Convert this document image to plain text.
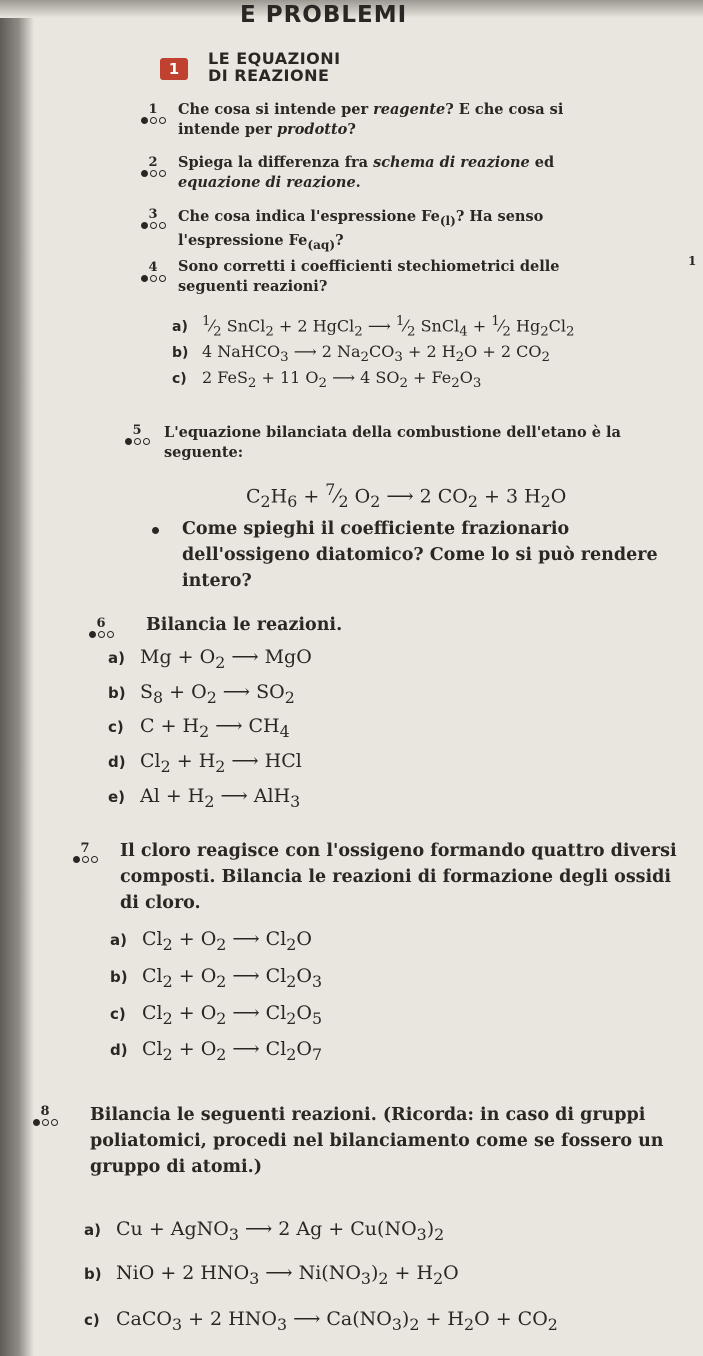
E PROBLEMI
1
LE EQUAZIONI
DI REAZIONE
1
1	Che cosa si intende per reagente? E che cosa si intende per prodotto?

2	Spiega la differenza fra schema di reazione ed equazione di reazione.

3	Che cosa indica l'espressione $Fe_{(l)}$? Ha senso l'espressione $Fe_{(aq)}$?

4	Sono corretti i coefficienti stechiometrici delle seguenti reazioni?

a)	$^1⁄_2$ SnCl$_2$ + 2 HgCl$_2$ ⟶ $^1⁄_2$ SnCl$_4$ + $^1⁄_2$ $Hg_2Cl_2$
b) 4 NaHCO$_3$ ⟶ 2 $Na_2CO_3 + 2$ $H_2O + 2$ $CO_2$
c) 2 FeS$_2$ + 11 $O_2$ ⟶ 4 $SO_2 + Fe_2O_3$
5	L'equazione bilanciata della combustione dell'etano è la seguente:

$C_2H_6$ + $^7⁄_2$ $O_2$ ⟶ 2 $CO_2 + 3$ $H_2O$

Come spieghi il coefficiente frazionario dell'ossigeno diatomico? Come lo si può rendere intero?

6	Bilancia le reazioni.

a) $Mg + O_2$ ⟶ MgO
b) $S_8 + O_2$ ⟶ $SO_2$
c) $C + H_2$ ⟶ $CH_4$
d) $Cl_2 + H_2$ ⟶ HCl
e) $Al + H_2$ ⟶ AlH$_3$
7	Il cloro reagisce con l'ossigeno formando quattro diversi composti. Bilancia le reazioni di formazione degli ossidi di cloro.

a) $Cl_2 + O_2$ ⟶ $Cl_2O$
b) $Cl_2 + O_2$ ⟶ $Cl_2O_3$
c) $Cl_2 + O_2$ ⟶ $Cl_2O_5$
d) $Cl_2 + O_2$ ⟶ $Cl_2O_7$
8	Bilancia le seguenti reazioni. (Ricorda: in caso di gruppi poliatomici, procedi nel bilanciamento come se fossero un gruppo di atomi.)

a) Cu + AgNO$_3$ ⟶ 2 $Ag + Cu(NO_3)_2$
b) NiO + 2 $HNO_3$ ⟶ $Ni(NO_3)_2 + H_2O$
c) CaCO$_3$ + 2 $HNO_3$ ⟶ $Ca(NO_3)_2 + H_2O + CO_2$
